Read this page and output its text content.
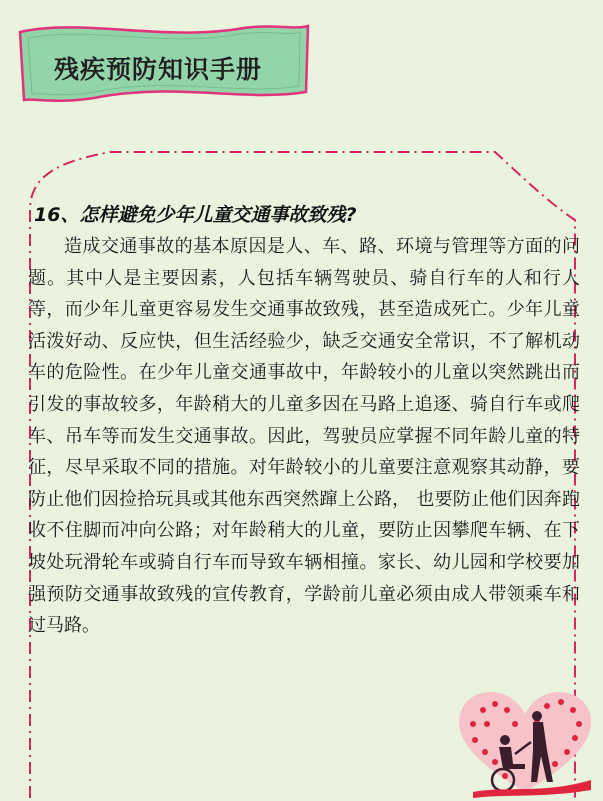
残疾预防知识手册
16、怎样避免少年儿童交通事故致残?

造成交通事故的基本原因是人、车、路、环境与管理等方面的问题。其中人是主要因素，人包括车辆驾驶员、骑自行车的人和行人等，而少年儿童更容易发生交通事故致残，甚至造成死亡。少年儿童活泼好动、反应快，但生活经验少，缺乏交通安全常识，不了解机动车的危险性。在少年儿童交通事故中，年龄较小的儿童以突然跳出而引发的事故较多，年龄稍大的儿童多因在马路上追逐、骑自行车或爬车、吊车等而发生交通事故。因此，驾驶员应掌握不同年龄儿童的特征，尽早采取不同的措施。对年龄较小的儿童要注意观察其动静，要防止他们因捡拾玩具或其他东西突然蹿上公路， 也要防止他们因奔跑收不住脚而冲向公路；对年龄稍大的儿童，要防止因攀爬车辆、在下坡处玩滑轮车或骑自行车而导致车辆相撞。家长、幼儿园和学校要加强预防交通事故致残的宣传教育，学龄前儿童必须由成人带领乘车和过马路。
